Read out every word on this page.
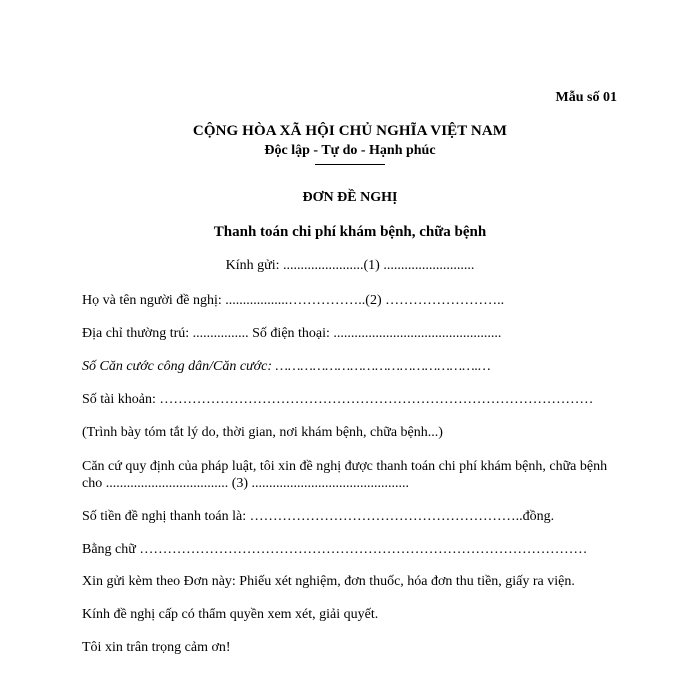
Mẫu số 01
CỘNG HÒA XÃ HỘI CHỦ NGHĨA VIỆT NAM
Độc lập - Tự do - Hạnh phúc
ĐƠN ĐỀ NGHỊ
Thanh toán chi phí khám bệnh, chữa bệnh
Kính gửi: .......................(1) ..........................
Họ và tên người đề nghị: ..................……………..(2) ……………………..
Địa chỉ thường trú: ................ Số điện thoại: ................................................
Số Căn cước công dân/Căn cước: ………………………………………….…
Số tài khoản: …………………………………………………………………………………
(Trình bày tóm tắt lý do, thời gian, nơi khám bệnh, chữa bệnh...)
Căn cứ quy định của pháp luật, tôi xin đề nghị được thanh toán chi phí khám bệnh, chữa bệnh cho ................................... (3) .............................................
Số tiền đề nghị thanh toán là: …………………………………………………..đồng.
Bằng chữ ……………………………………………………………………………………
Xin gửi kèm theo Đơn này: Phiếu xét nghiệm, đơn thuốc, hóa đơn thu tiền, giấy ra viện.
Kính đề nghị cấp có thẩm quyền xem xét, giải quyết.
Tôi xin trân trọng cảm ơn!
